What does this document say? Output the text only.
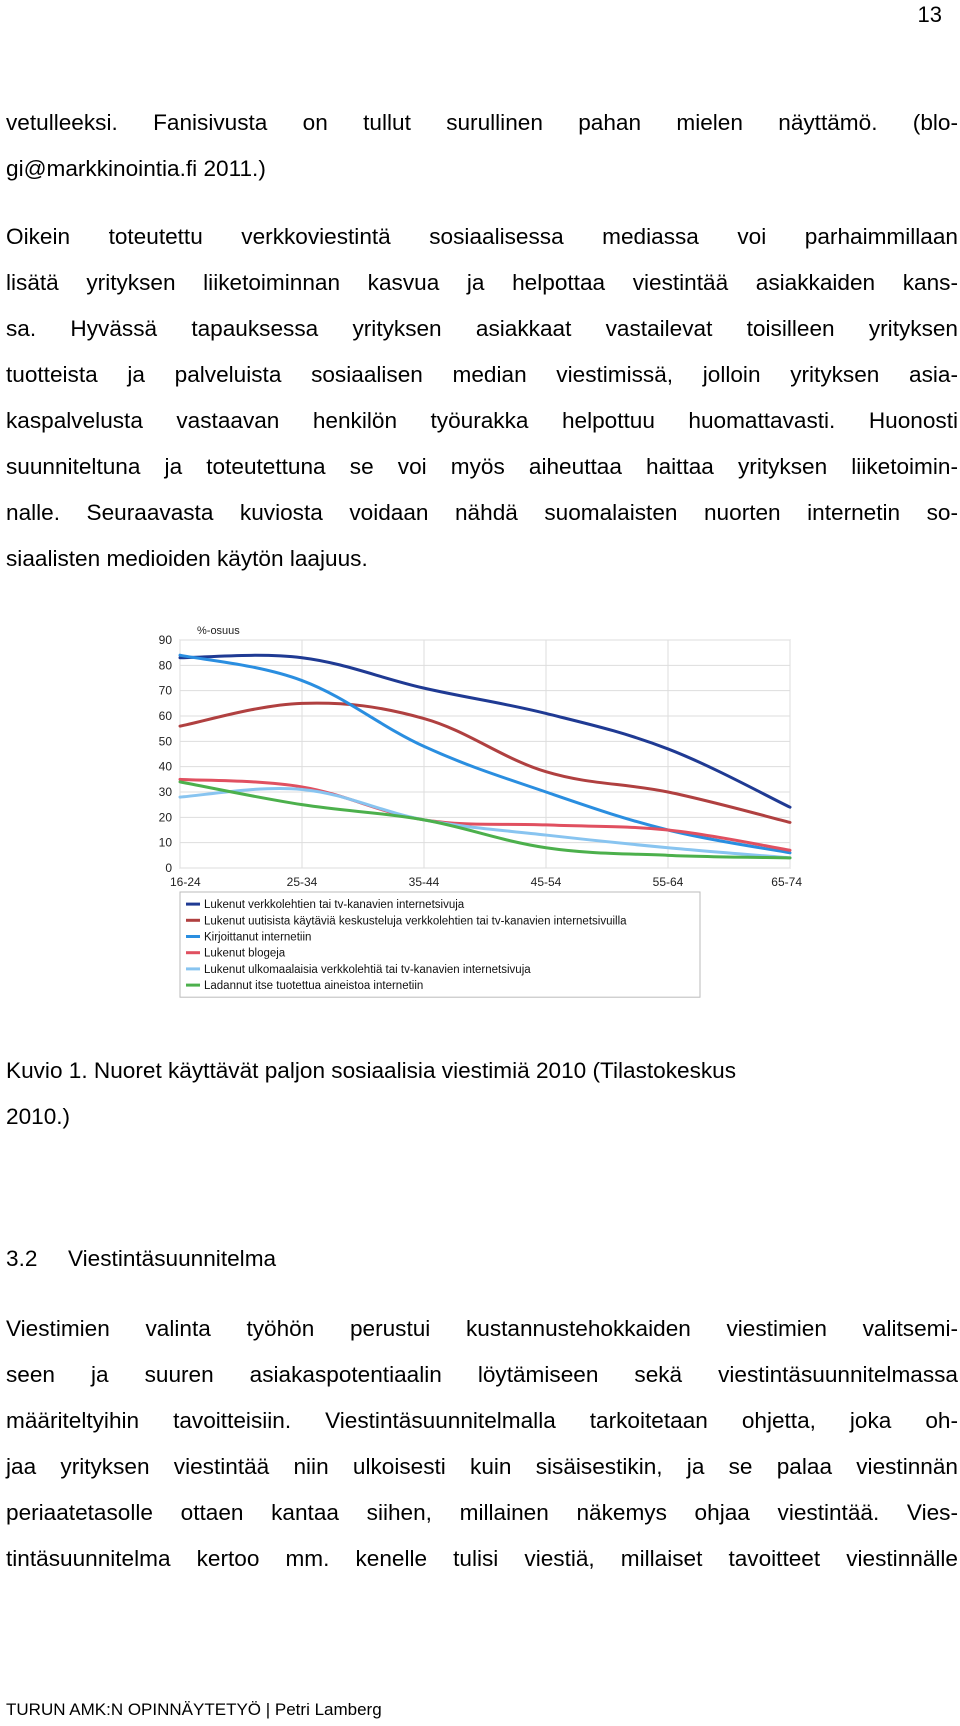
13
vetulleeksi. Fanisivusta on tullut surullinen pahan mielen näyttämö. (blo-
gi@markkinointia.fi 2011.)
Oikein toteutettu verkkoviestintä sosiaalisessa mediassa voi parhaimmillaan
lisätä yrityksen liiketoiminnan kasvua ja helpottaa viestintää asiakkaiden kans-
sa. Hyvässä tapauksessa yrityksen asiakkaat vastailevat toisilleen yrityksen
tuotteista ja palveluista sosiaalisen median viestimissä, jolloin yrityksen asia-
kaspalvelusta vastaavan henkilön työurakka helpottuu huomattavasti. Huonosti
suunniteltuna ja toteutettuna se voi myös aiheuttaa haittaa yrityksen liiketoimin-
nalle. Seuraavasta kuviosta voidaan nähdä suomalaisten nuorten internetin so-
siaalisten medioiden käytön laajuus.
0
10
20
30
40
50
60
70
80
90
16-24	25-34	35-44	45-54	55-64	65-74
%-osuus
Lukenut verkkolehtien tai tv-kanavien internetsivuja
Lukenut uutisista käytäviä keskusteluja verkkolehtien tai tv-kanavien internetsivuilla
Kirjoittanut internetiin
Lukenut blogeja
Lukenut ulkomaalaisia verkkolehtiä tai tv-kanavien internetsivuja
Ladannut itse tuotettua aineistoa internetiin
Kuvio 1. Nuoret käyttävät paljon sosiaalisia viestimiä 2010 (Tilastokeskus
2010.)
3.2 Viestintäsuunnitelma
Viestimien valinta työhön perustui kustannustehokkaiden viestimien valitsemi-
seen ja suuren asiakaspotentiaalin löytämiseen sekä viestintäsuunnitelmassa
määriteltyihin tavoitteisiin. Viestintäsuunnitelmalla tarkoitetaan ohjetta, joka oh-
jaa yrityksen viestintää niin ulkoisesti kuin sisäisestikin, ja se palaa viestinnän
periaatetasolle ottaen kantaa siihen, millainen näkemys ohjaa viestintää. Vies-
tintäsuunnitelma kertoo mm. kenelle tulisi viestiä, millaiset tavoitteet viestinnälle
TURUN AMK:N OPINNÄYTETYÖ | Petri Lamberg
